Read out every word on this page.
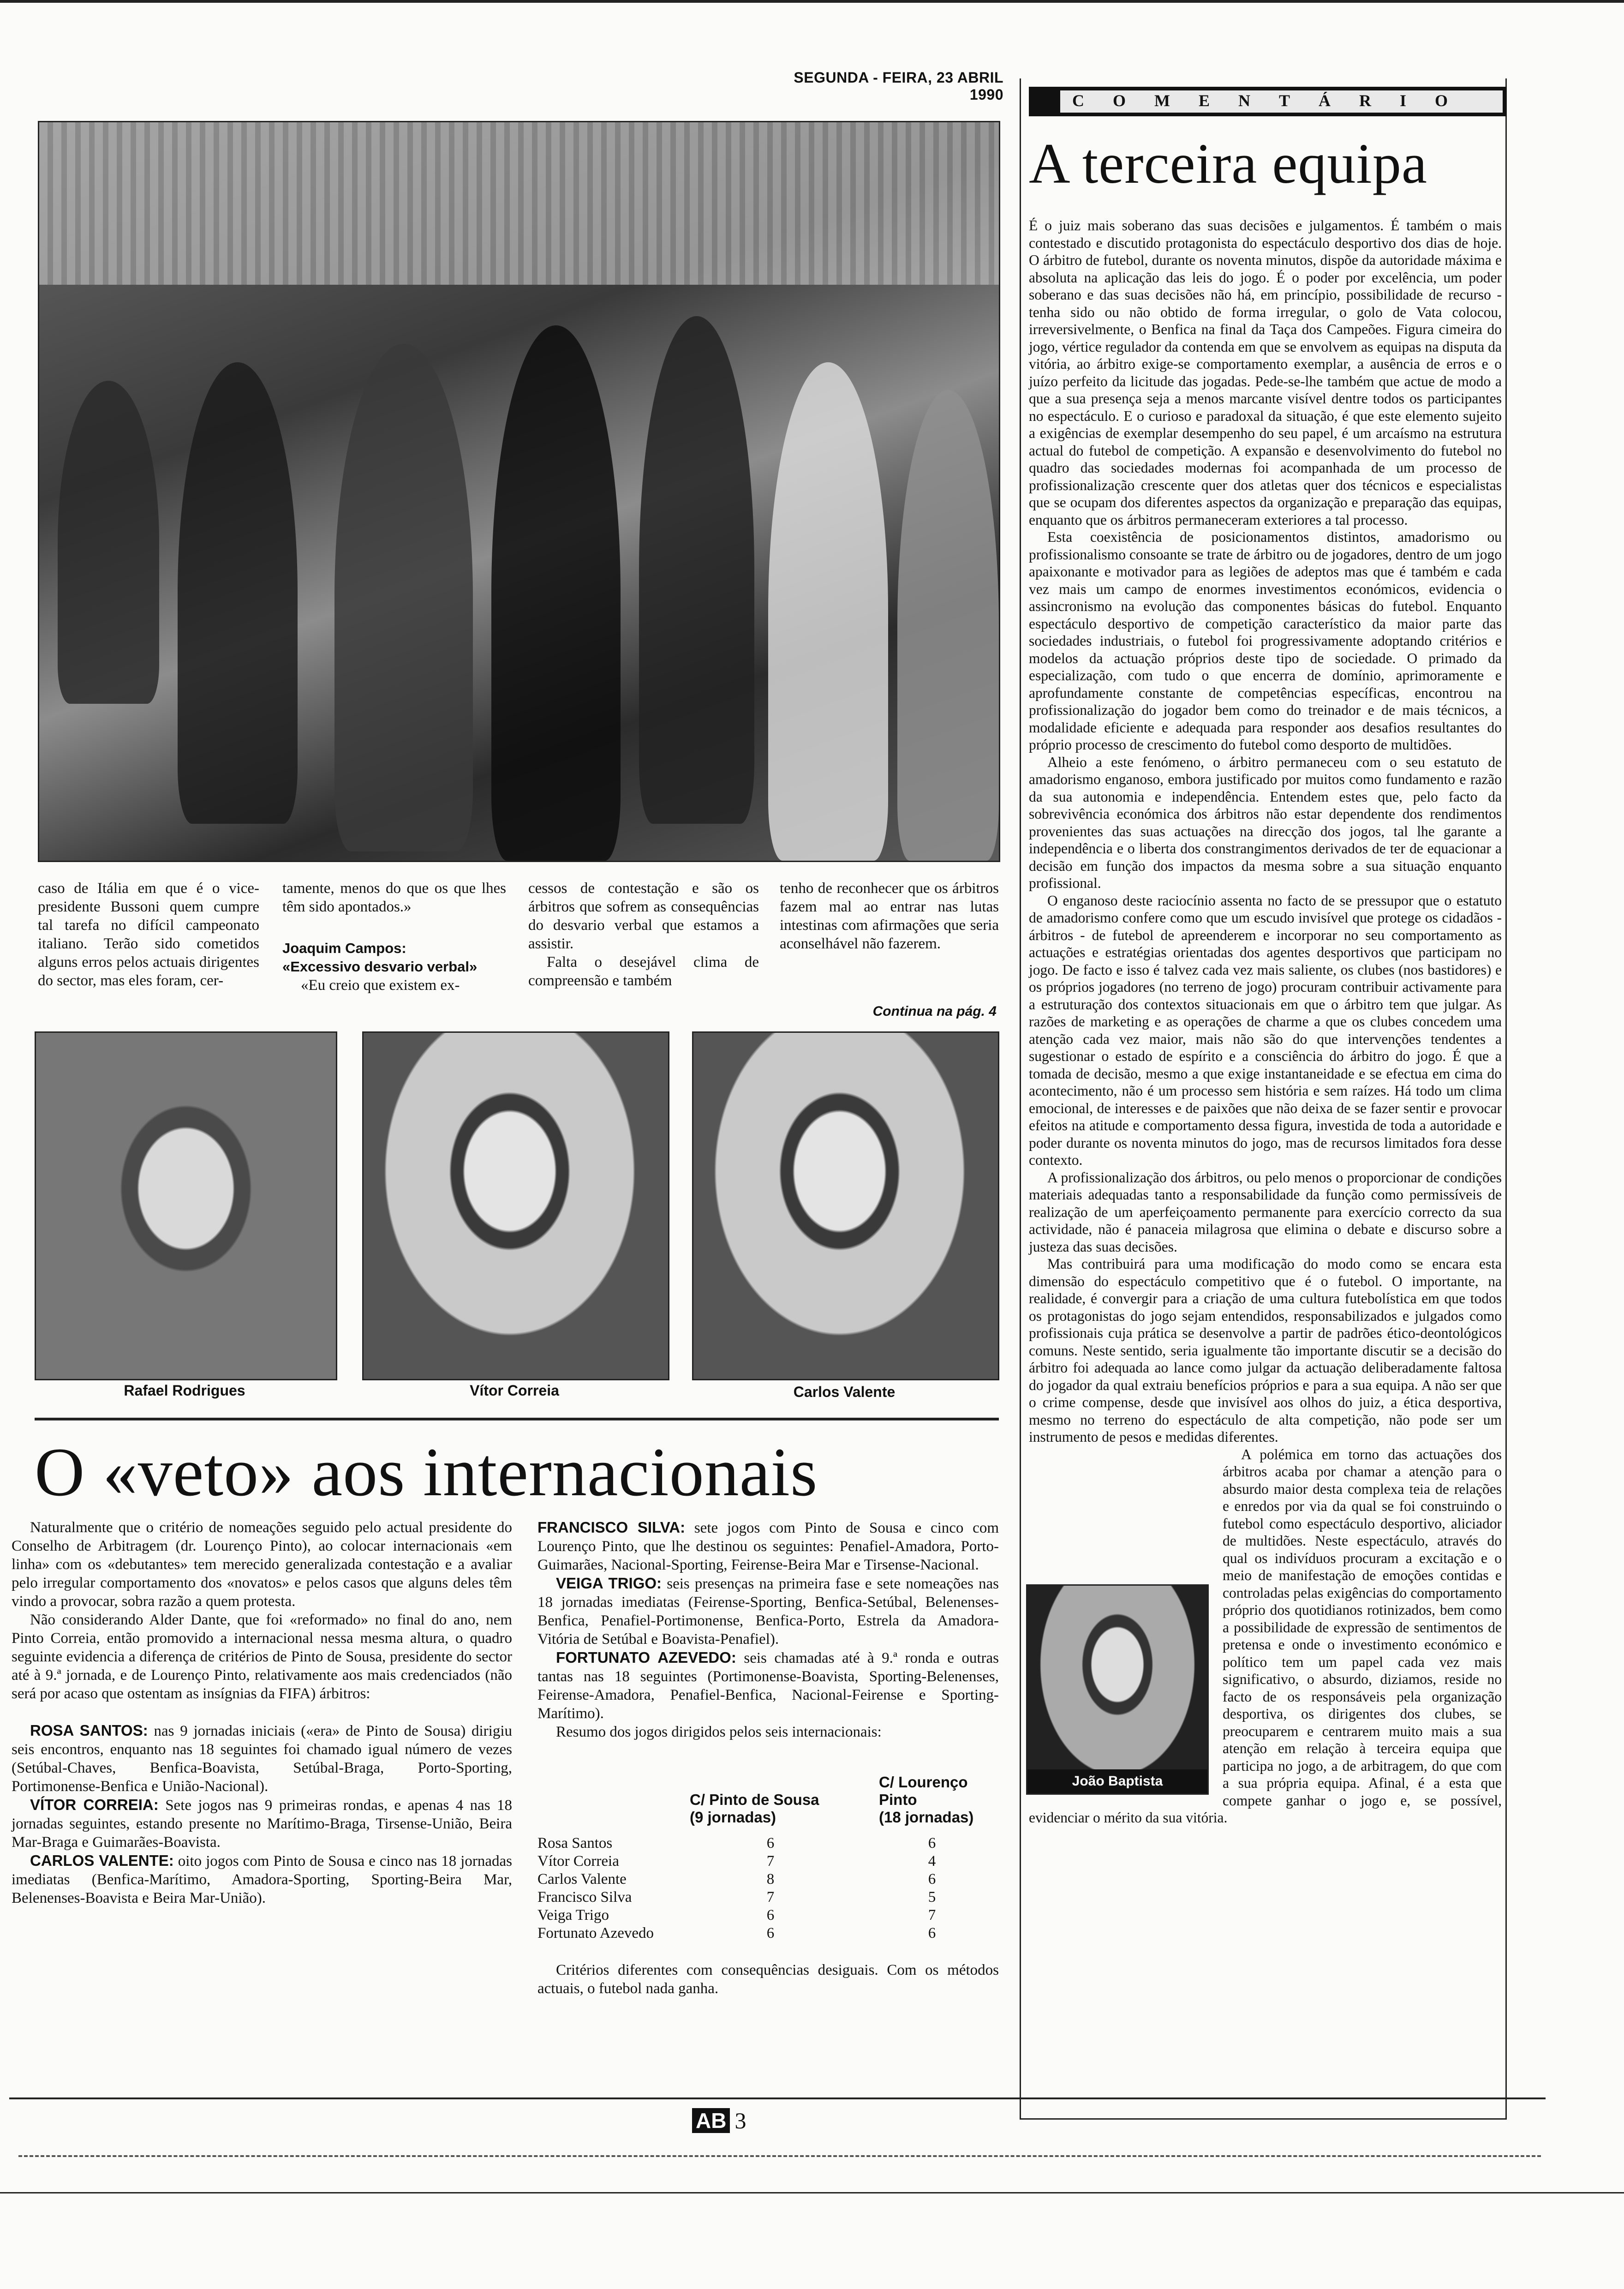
SEGUNDA - FEIRA, 23 ABRIL 1990

caso de Itália em que é o vice-presidente Bussoni quem cumpre tal tarefa no difícil campeonato italiano. Terão sido cometidos alguns erros pelos actuais dirigentes do sector, mas eles foram, cer-

tamente, menos do que os que lhes têm sido apontados.»

Joaquim Campos:
«Excessivo desvario verbal»

«Eu creio que existem ex-

cessos de contestação e são os árbitros que sofrem as consequências do desvario verbal que estamos a assistir.

Falta o desejável clima de compreensão e também

tenho de reconhecer que os árbitros fazem mal ao entrar nas lutas intestinas com afirmações que seria aconselhável não fazerem.

Continua na pág. 4
Rafael Rodrigues	Vítor Correia	Carlos Valente
O «veto» aos internacionais

Naturalmente que o critério de nomeações seguido pelo actual presidente do Conselho de Arbitragem (dr. Lourenço Pinto), ao colocar internacionais «em linha» com os «debutantes» tem merecido generalizada contestação e a avaliar pelo irregular comportamento dos «novatos» e pelos casos que alguns deles têm vindo a provocar, sobra razão a quem protesta.

Não considerando Alder Dante, que foi «reformado» no final do ano, nem Pinto Correia, então promovido a internacional nessa mesma altura, o quadro seguinte evidencia a diferença de critérios de Pinto de Sousa, presidente do sector até à 9.ª jornada, e de Lourenço Pinto, relativamente aos mais credenciados (não será por acaso que ostentam as insígnias da FIFA) árbitros:

ROSA SANTOS: nas 9 jornadas iniciais («era» de Pinto de Sousa) dirigiu seis encontros, enquanto nas 18 seguintes foi chamado igual número de vezes (Setúbal-Chaves, Benfica-Boavista, Setúbal-Braga, Porto-Sporting, Portimonense-Benfica e União-Nacional).

VÍTOR CORREIA: Sete jogos nas 9 primeiras rondas, e apenas 4 nas 18 jornadas seguintes, estando presente no Marítimo-Braga, Tirsense-União, Beira Mar-Braga e Guimarães-Boavista.

CARLOS VALENTE: oito jogos com Pinto de Sousa e cinco nas 18 jornadas imediatas (Benfica-Marítimo, Amadora-Sporting, Sporting-Beira Mar, Belenenses-Boavista e Beira Mar-União).

FRANCISCO SILVA: sete jogos com Pinto de Sousa e cinco com Lourenço Pinto, que lhe destinou os seguintes: Penafiel-Amadora, Porto-Guimarães, Nacional-Sporting, Feirense-Beira Mar e Tirsense-Nacional.

VEIGA TRIGO: seis presenças na primeira fase e sete nomeações nas 18 jornadas imediatas (Feirense-Sporting, Benfica-Setúbal, Belenenses-Benfica, Penafiel-Portimonense, Benfica-Porto, Estrela da Amadora-Vitória de Setúbal e Boavista-Penafiel).

FORTUNATO AZEVEDO: seis chamadas até à 9.ª ronda e outras tantas nas 18 seguintes (Portimonense-Boavista, Sporting-Belenenses, Feirense-Amadora, Penafiel-Benfica, Nacional-Feirense e Sporting-Marítimo).

Resumo dos jogos dirigidos pelos seis internacionais:

	C/ Pinto de Sousa
(9 jornadas)	C/ Lourenço Pinto
(18 jornadas)
Rosa Santos	6	6
Vítor Correia	7	4
Carlos Valente	8	6
Francisco Silva	7	5
Veiga Trigo	6	7
Fortunato Azevedo	6	6

Critérios diferentes com consequências desiguais. Com os métodos actuais, o futebol nada ganha.

COMENTÁRIO
A terceira equipa

É o juiz mais soberano das suas decisões e julgamentos. É também o mais contestado e discutido protagonista do espectáculo desportivo dos dias de hoje. O árbitro de futebol, durante os noventa minutos, dispõe da autoridade máxima e absoluta na aplicação das leis do jogo. É o poder por excelência, um poder soberano e das suas decisões não há, em princípio, possibilidade de recurso - tenha sido ou não obtido de forma irregular, o golo de Vata colocou, irreversivelmente, o Benfica na final da Taça dos Campeões. Figura cimeira do jogo, vértice regulador da contenda em que se envolvem as equipas na disputa da vitória, ao árbitro exige-se comportamento exemplar, a ausência de erros e o juízo perfeito da licitude das jogadas. Pede-se-lhe também que actue de modo a que a sua presença seja a menos marcante visível dentre todos os participantes no espectáculo. E o curioso e paradoxal da situação, é que este elemento sujeito a exigências de exemplar desempenho do seu papel, é um arcaísmo na estrutura actual do futebol de competição. A expansão e desenvolvimento do futebol no quadro das sociedades modernas foi acompanhada de um processo de profissionalização crescente quer dos atletas quer dos técnicos e especialistas que se ocupam dos diferentes aspectos da organização e preparação das equipas, enquanto que os árbitros permaneceram exteriores a tal processo.

Esta coexistência de posicionamentos distintos, amadorismo ou profissionalismo consoante se trate de árbitro ou de jogadores, dentro de um jogo apaixonante e motivador para as legiões de adeptos mas que é também e cada vez mais um campo de enormes investimentos económicos, evidencia o assincronismo na evolução das componentes básicas do futebol. Enquanto espectáculo desportivo de competição característico da maior parte das sociedades industriais, o futebol foi progressivamente adoptando critérios e modelos da actuação próprios deste tipo de sociedade. O primado da especialização, com tudo o que encerra de domínio, aprimoramente e aprofundamente constante de competências específicas, encontrou na profissionalização do jogador bem como do treinador e de mais técnicos, a modalidade eficiente e adequada para responder aos desafios resultantes do próprio processo de crescimento do futebol como desporto de multidões.

Alheio a este fenómeno, o árbitro permaneceu com o seu estatuto de amadorismo enganoso, embora justificado por muitos como fundamento e razão da sua autonomia e independência. Entendem estes que, pelo facto da sobrevivência económica dos árbitros não estar dependente dos rendimentos provenientes das suas actuações na direcção dos jogos, tal lhe garante a independência e o liberta dos constrangimentos derivados de ter de equacionar a decisão em função dos impactos da mesma sobre a sua situação enquanto profissional.

O enganoso deste raciocínio assenta no facto de se pressupor que o estatuto de amadorismo confere como que um escudo invisível que protege os cidadãos - árbitros - de futebol de apreenderem e incorporar no seu comportamento as actuações e estratégias orientadas dos agentes desportivos que participam no jogo. De facto e isso é talvez cada vez mais saliente, os clubes (nos bastidores) e os próprios jogadores (no terreno de jogo) procuram contribuir activamente para a estruturação dos contextos situacionais em que o árbitro tem que julgar. As razões de marketing e as operações de charme a que os clubes concedem uma atenção cada vez maior, mais não são do que intervenções tendentes a sugestionar o estado de espírito e a consciência do árbitro do jogo. É que a tomada de decisão, mesmo a que exige instantaneidade e se efectua em cima do acontecimento, não é um processo sem história e sem raízes. Há todo um clima emocional, de interesses e de paixões que não deixa de se fazer sentir e provocar efeitos na atitude e comportamento dessa figura, investida de toda a autoridade e poder durante os noventa minutos do jogo, mas de recursos limitados fora desse contexto.

A profissionalização dos árbitros, ou pelo menos o proporcionar de condições materiais adequadas tanto a responsabilidade da função como permissíveis de realização de um aperfeiçoamento permanente para exercício correcto da sua actividade, não é panaceia milagrosa que elimina o debate e discurso sobre a justeza das suas decisões.

Mas contribuirá para uma modificação do modo como se encara esta dimensão do espectáculo competitivo que é o futebol. O importante, na realidade, é convergir para a criação de uma cultura futebolística em que todos os protagonistas do jogo sejam entendidos, responsabilizados e julgados como profissionais cuja prática se desenvolve a partir de padrões ético-deontológicos comuns. Neste sentido, seria igualmente tão importante discutir se a decisão do árbitro foi adequada ao lance como julgar da actuação deliberadamente faltosa do jogador da qual extraiu benefícios próprios e para a sua equipa. A não ser que o crime compense, desde que invisível aos olhos do juiz, a ética desportiva, mesmo no terreno do espectáculo de alta competição, não pode ser um instrumento de pesos e medidas diferentes.

João Baptista
A polémica em torno das actuações dos árbitros acaba por chamar a atenção para o absurdo maior desta complexa teia de relações e enredos por via da qual se foi construindo o futebol como espectáculo desportivo, aliciador de multidões. Neste espectáculo, através do qual os indivíduos procuram a excitação e o meio de manifestação de emoções contidas e controladas pelas exigências do comportamento próprio dos quotidianos rotinizados, bem como a possibilidade de expressão de sentimentos de pretensa e onde o investimento económico e político tem um papel cada vez mais significativo, o absurdo, diziamos, reside no facto de os responsáveis pela organização desportiva, os dirigentes dos clubes, se preocuparem e centrarem muito mais a sua atenção em relação à terceira equipa que participa no jogo, a de arbitragem, do que com a sua própria equipa. Afinal, é a esta que compete ganhar o jogo e, se possível, evidenciar o mérito da sua vitória.

AB 3
